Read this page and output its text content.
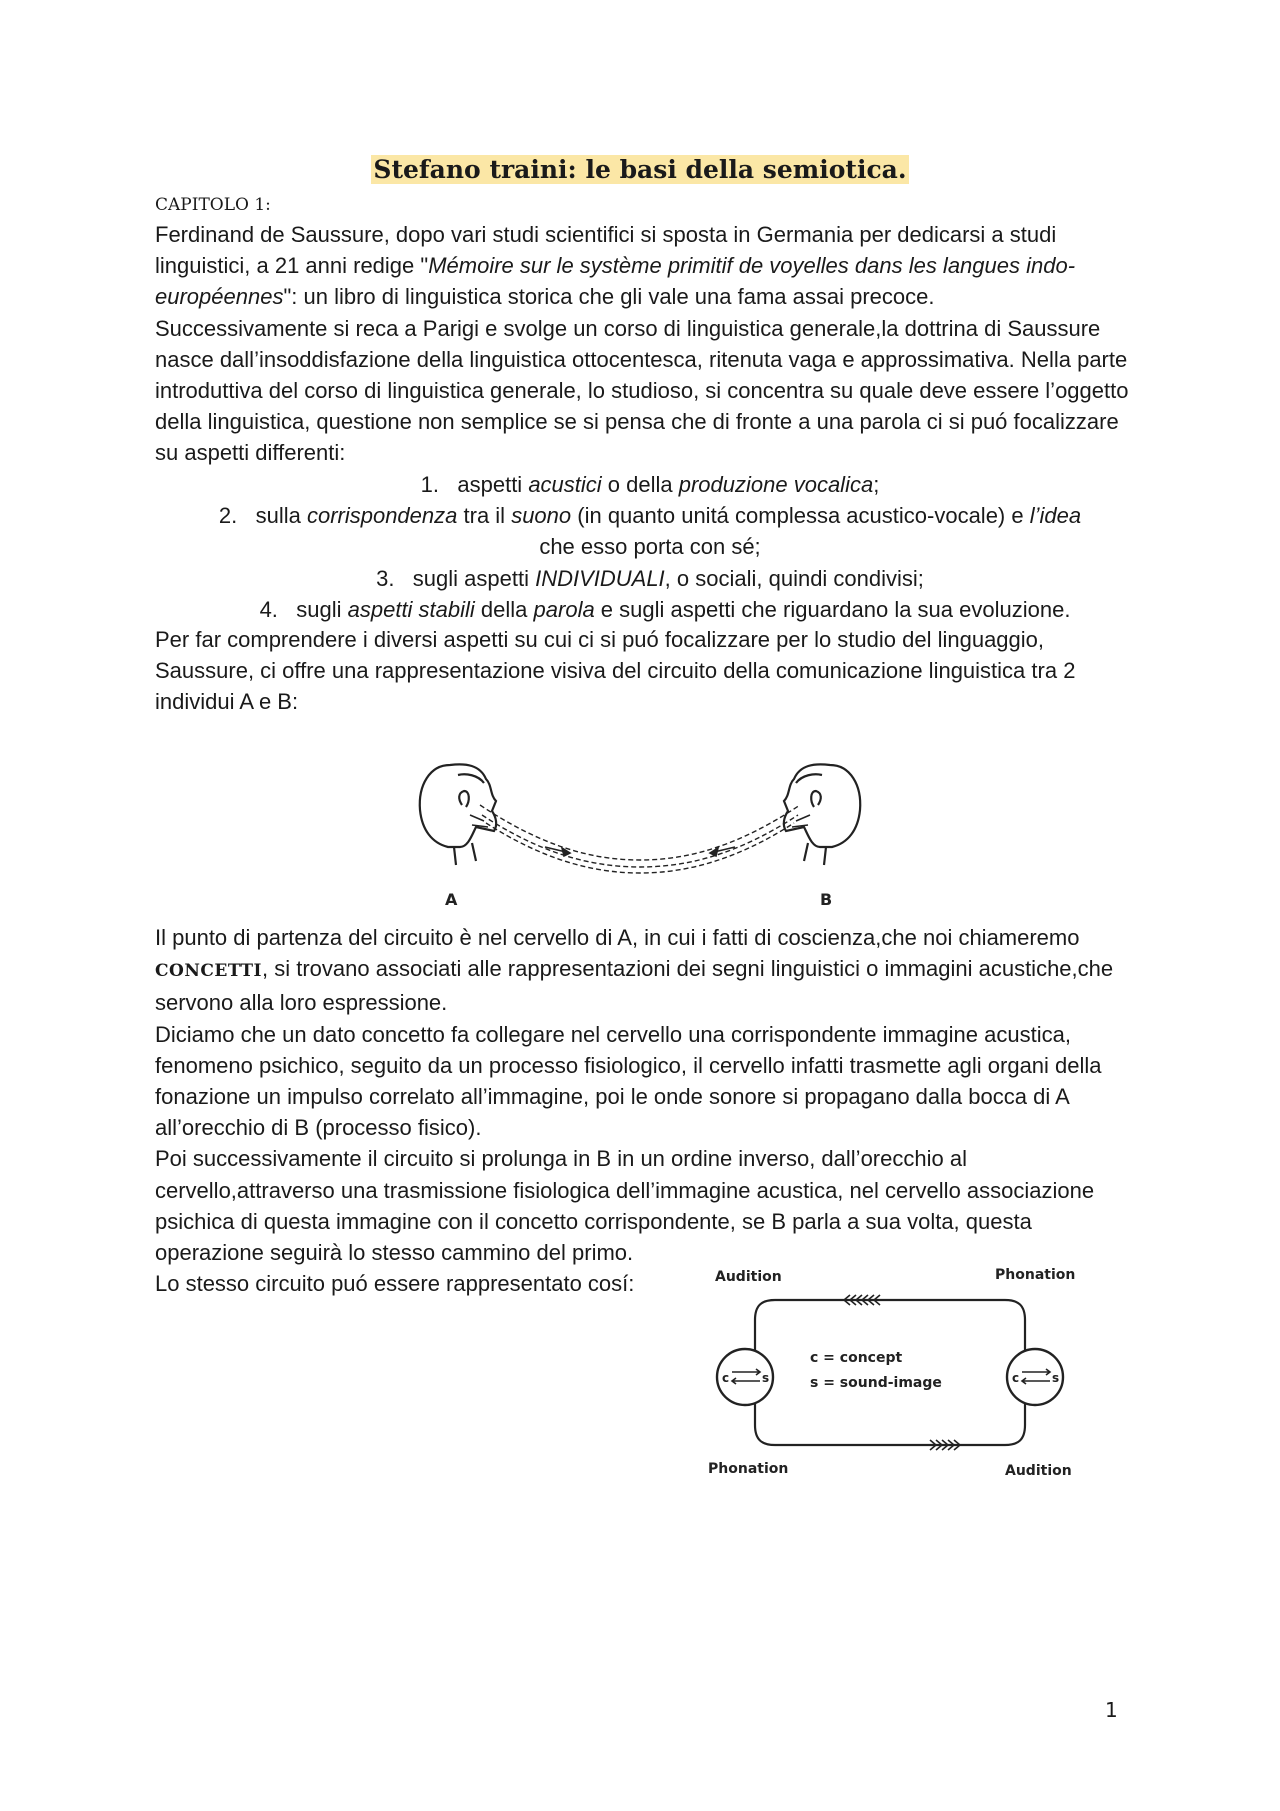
Stefano traini: le basi della semiotica.
CAPITOLO 1:

Ferdinand de Saussure, dopo vari studi scientifici si sposta in Germania per dedicarsi a studi linguistici, a 21 anni redige "Mémoire sur le système primitif de voyelles dans les langues indo-européennes": un libro di linguistica storica che gli vale una fama assai precoce.

Successivamente si reca a Parigi e svolge un corso di linguistica generale,la dottrina di Saussure nasce dall’insoddisfazione della linguistica ottocentesca, ritenuta vaga e approssimativa. Nella parte introduttiva del corso di linguistica generale, lo studioso, si concentra su quale deve essere l’oggetto della linguistica, questione non semplice se si pensa che di fronte a una parola ci si puó focalizzare su aspetti differenti:

1. aspetti acustici o della produzione vocalica;
2. sulla corrispondenza tra il suono (in quanto unitá complessa acustico-vocale) e l’idea
che esso porta con sé;
3. sugli aspetti INDIVIDUALI, o sociali, quindi condivisi;
4. sugli aspetti stabili della parola e sugli aspetti che riguardano la sua evoluzione.
Per far comprendere i diversi aspetti su cui ci si puó focalizzare per lo studio del linguaggio, Saussure, ci offre una rappresentazione visiva del circuito della comunicazione linguistica tra 2 individui A e B:
A	B

Il punto di partenza del circuito è nel cervello di A, in cui i fatti di coscienza,che noi chiameremo CONCETTI, si trovano associati alle rappresentazioni dei segni linguistici o immagini acustiche,che servono alla loro espressione.

Diciamo che un dato concetto fa collegare nel cervello una corrispondente immagine acustica, fenomeno psichico, seguito da un processo fisiologico, il cervello infatti trasmette agli organi della fonazione un impulso correlato all’immagine, poi le onde sonore si propagano dalla bocca di A all’orecchio di B (processo fisico).

Poi successivamente il circuito si prolunga in B in un ordine inverso, dall’orecchio al cervello,attraverso una trasmissione fisiologica dell’immagine acustica, nel cervello associazione psichica di questa immagine con il concetto corrispondente, se B parla a sua volta, questa operazione seguirà lo stesso cammino del primo.

Lo stesso circuito puó essere rappresentato cosí:	Audition	Phonation
c	s	c	s
c = concept
s = sound-image
Phonation	Audition
1
